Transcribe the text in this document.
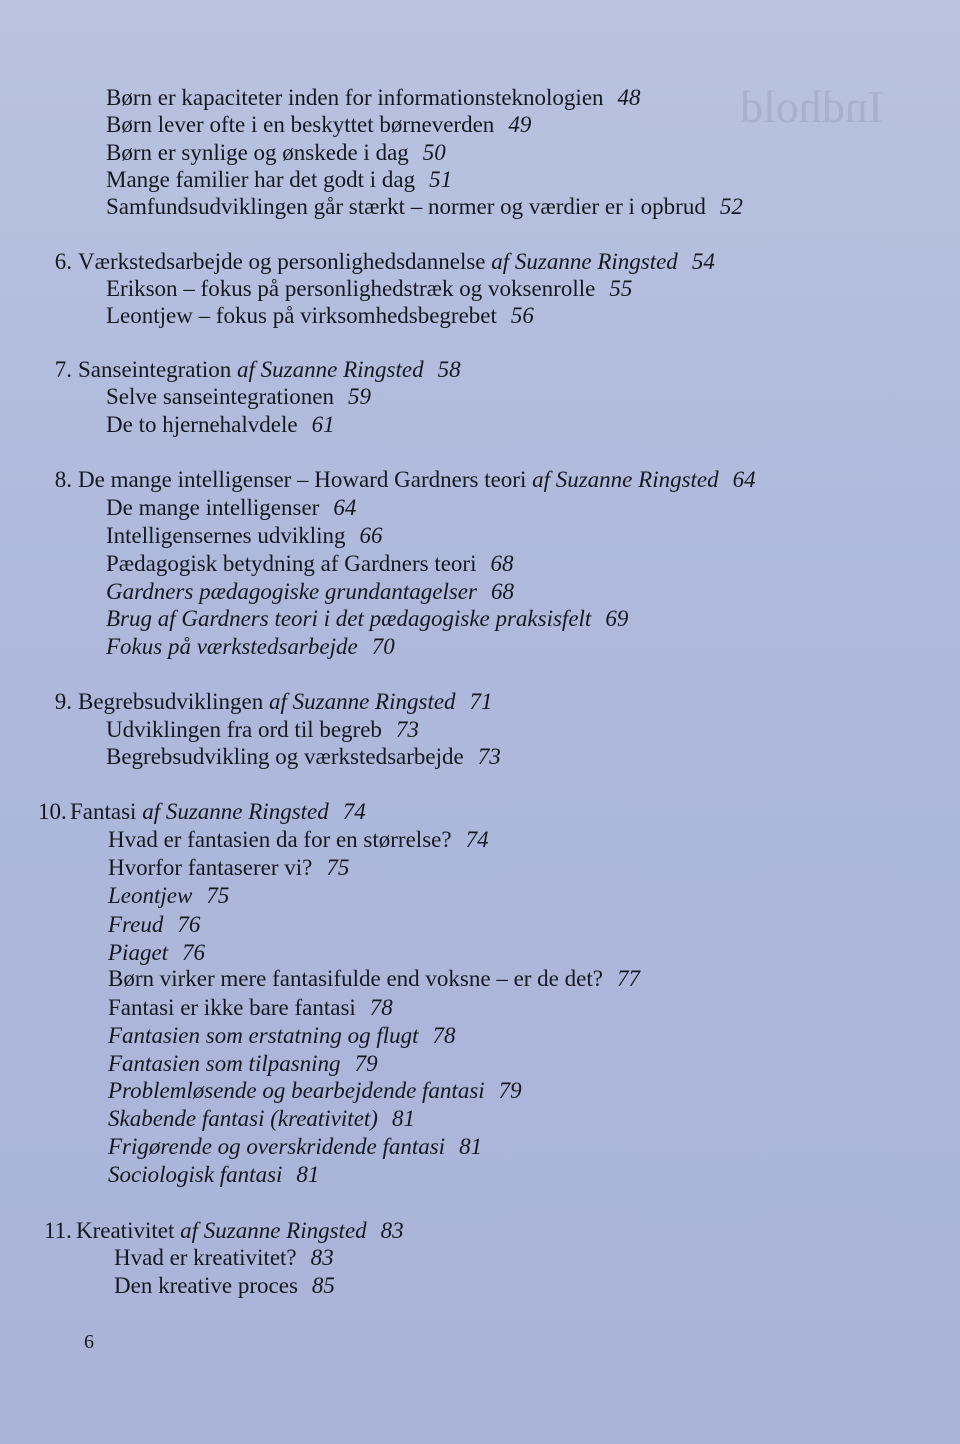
Indhold
Børn er kapaciteter inden for informationsteknologien 48
Børn lever ofte i en beskyttet børneverden 49
Børn er synlige og ønskede i dag 50
Mange familier har det godt i dag 51
Samfundsudviklingen går stærkt – normer og værdier er i opbrud 52
6. Værkstedsarbejde og personlighedsdannelse af Suzanne Ringsted 54
Erikson – fokus på personlighedstræk og voksenrolle 55
Leontjew – fokus på virksomhedsbegrebet 56
7. Sanseintegration af Suzanne Ringsted 58
Selve sanseintegrationen 59
De to hjernehalvdele 61
8. De mange intelligenser – Howard Gardners teori af Suzanne Ringsted 64
De mange intelligenser 64
Intelligensernes udvikling 66
Pædagogisk betydning af Gardners teori 68
Gardners pædagogiske grundantagelser 68
Brug af Gardners teori i det pædagogiske praksisfelt 69
Fokus på værkstedsarbejde 70
9. Begrebsudviklingen af Suzanne Ringsted 71
Udviklingen fra ord til begreb 73
Begrebsudvikling og værkstedsarbejde 73
10. Fantasi af Suzanne Ringsted 74
Hvad er fantasien da for en størrelse? 74
Hvorfor fantaserer vi? 75
Leontjew 75
Freud 76
Piaget 76
Børn virker mere fantasifulde end voksne – er de det? 77
Fantasi er ikke bare fantasi 78
Fantasien som erstatning og flugt 78
Fantasien som tilpasning 79
Problemløsende og bearbejdende fantasi 79
Skabende fantasi (kreativitet) 81
Frigørende og overskridende fantasi 81
Sociologisk fantasi 81
11. Kreativitet af Suzanne Ringsted 83
Hvad er kreativitet? 83
Den kreative proces 85
6
